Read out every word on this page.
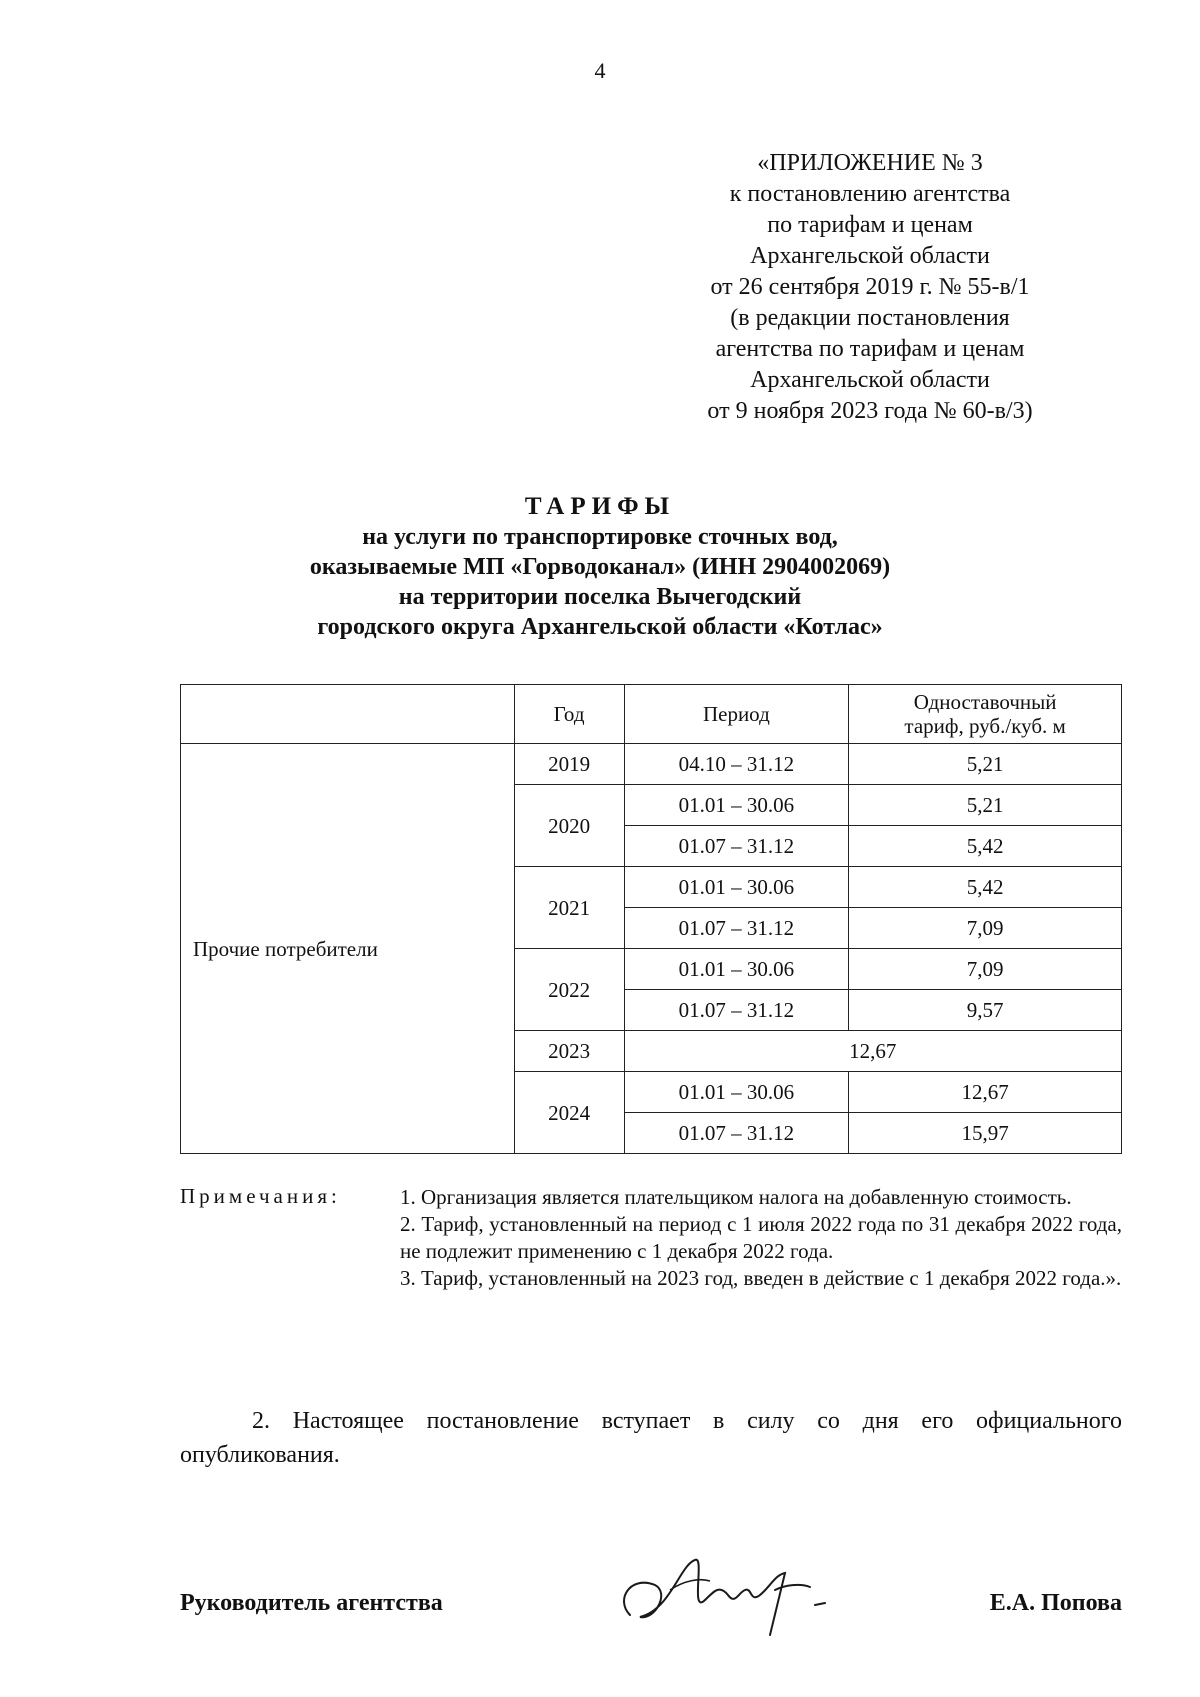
4
«ПРИЛОЖЕНИЕ № 3
к постановлению агентства
по тарифам и ценам
Архангельской области
от 26 сентября 2019 г. № 55-в/1
(в редакции постановления
агентства по тарифам и ценам
Архангельской области
от 9 ноября 2023 года № 60-в/3)
ТАРИФЫ
на услуги по транспортировке сточных вод,
оказываемые МП «Горводоканал» (ИНН 2904002069)
на территории поселка Вычегодский
городского округа Архангельской области «Котлас»
	Год	Период	Одноставочный
тариф, руб./куб. м

Прочие потребители	2019	04.10 – 31.12	5,21
	2020	01.01 – 30.06	5,21
		01.07 – 31.12	5,42
	2021	01.01 – 30.06	5,42
		01.07 – 31.12	7,09
	2022	01.01 – 30.06	7,09
		01.07 – 31.12	9,57
	2023	12,67	
	2024	01.01 – 30.06	12,67
		01.07 – 31.12	15,97
Примечания:	1. Организация является плательщиком налога на добавленную стоимость.

2. Тариф, установленный на период с 1 июля 2022 года по 31 декабря 2022 года, не подлежит применению с 1 декабря 2022 года.

3. Тариф, установленный на 2023 год, введен в действие с 1 декабря 2022 года.».

2. Настоящее постановление вступает в силу со дня его официального опубликования.
Руководитель агентства	Е.А. Попова
